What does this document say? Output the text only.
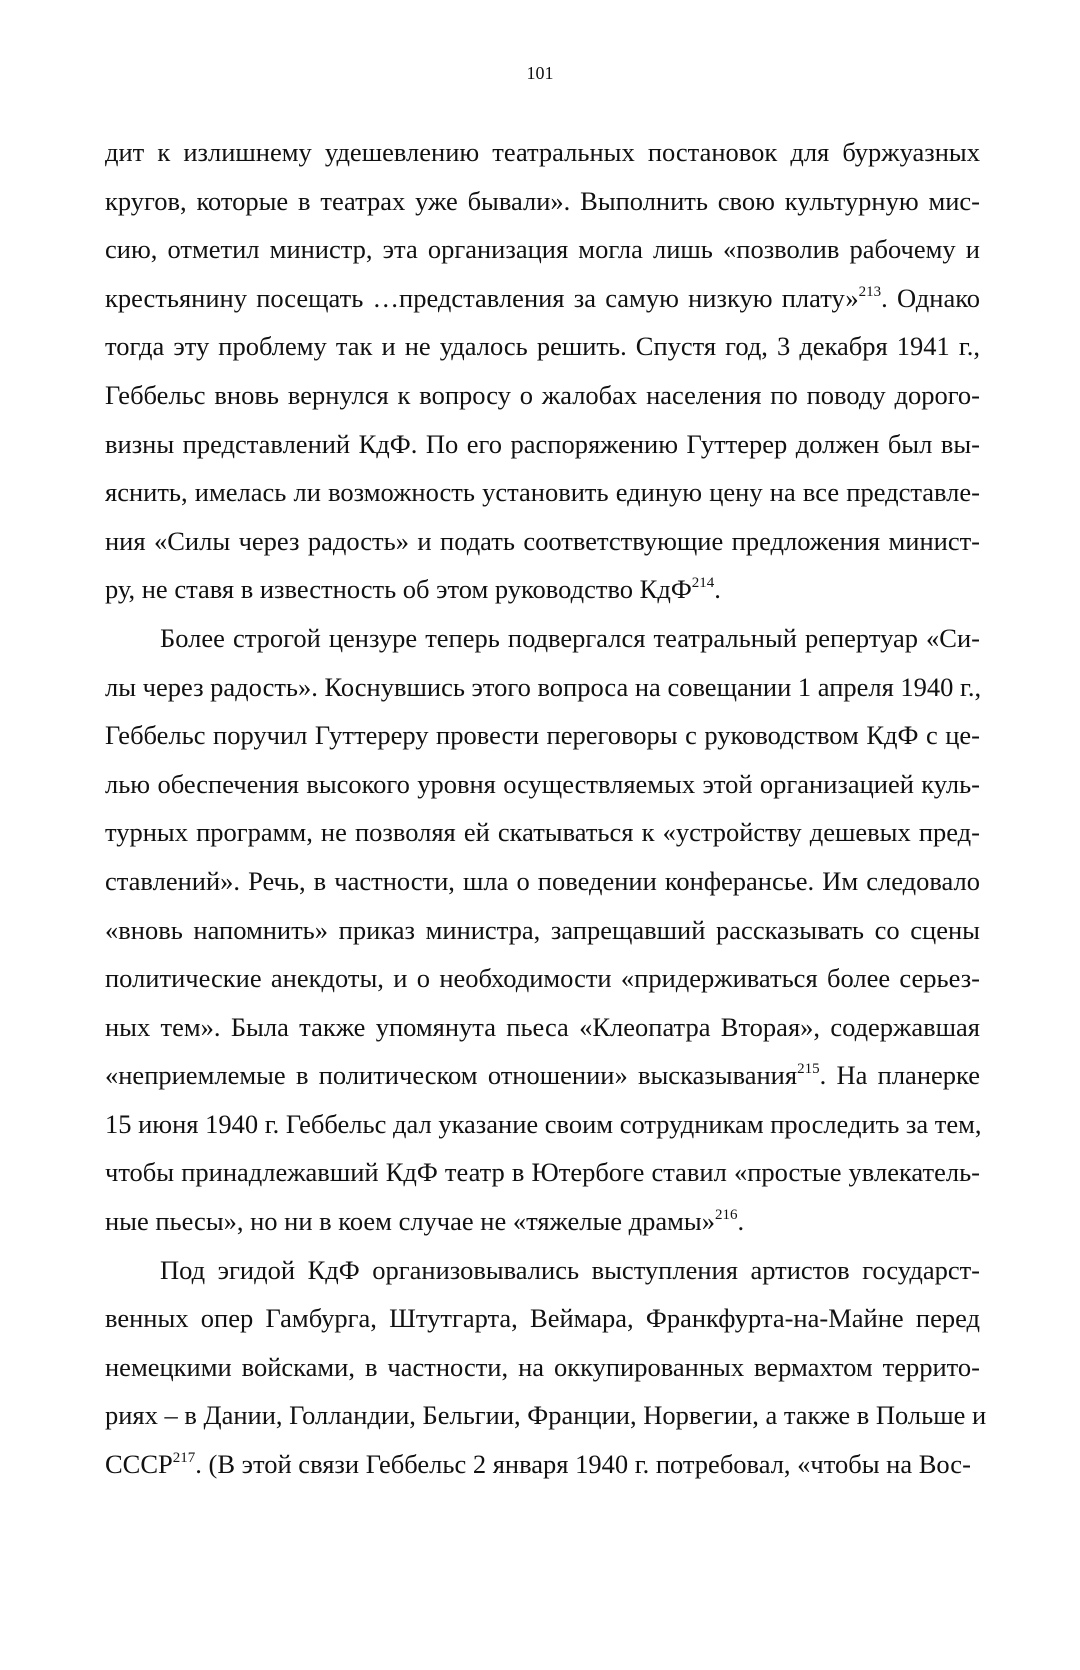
101
дит к излишнему удешевлению театральных постановок для буржуазных
кругов, которые в театрах уже бывали». Выполнить свою культурную мис-
сию, отметил министр, эта организация могла лишь «позволив рабочему и
крестьянину посещать …представления за самую низкую плату»$^{213}$. Однако
тогда эту проблему так и не удалось решить. Спустя год, 3 декабря 1941 г.,
Геббельс вновь вернулся к вопросу о жалобах населения по поводу дорого-
визны представлений КдФ. По его распоряжению Гуттерер должен был вы-
яснить, имелась ли возможность установить единую цену на все представле-
ния «Силы через радость» и подать соответствующие предложения минист-
ру, не ставя в известность об этом руководство КдФ$^{214}$.
Более строгой цензуре теперь подвергался театральный репертуар «Си-
лы через радость». Коснувшись этого вопроса на совещании 1 апреля 1940 г.,
Геббельс поручил Гуттереру провести переговоры с руководством КдФ с це-
лью обеспечения высокого уровня осуществляемых этой организацией куль-
турных программ, не позволяя ей скатываться к «устройству дешевых пред-
ставлений». Речь, в частности, шла о поведении конферансье. Им следовало
«вновь напомнить» приказ министра, запрещавший рассказывать со сцены
политические анекдоты, и о необходимости «придерживаться более серьез-
ных тем». Была также упомянута пьеса «Клеопатра Вторая», содержавшая
«неприемлемые в политическом отношении» высказывания$^{215}$. На планерке
15 июня 1940 г. Геббельс дал указание своим сотрудникам проследить за тем,
чтобы принадлежавший КдФ театр в Ютербоге ставил «простые увлекатель-
ные пьесы», но ни в коем случае не «тяжелые драмы»$^{216}$.
Под эгидой КдФ организовывались выступления артистов государст-
венных опер Гамбурга, Штутгарта, Веймара, Франкфурта-на-Майне перед
немецкими войсками, в частности, на оккупированных вермахтом террито-
риях – в Дании, Голландии, Бельгии, Франции, Норвегии, а также в Польше и
СССР$^{217}$. (В этой связи Геббельс 2 января 1940 г. потребовал, «чтобы на Вос-
